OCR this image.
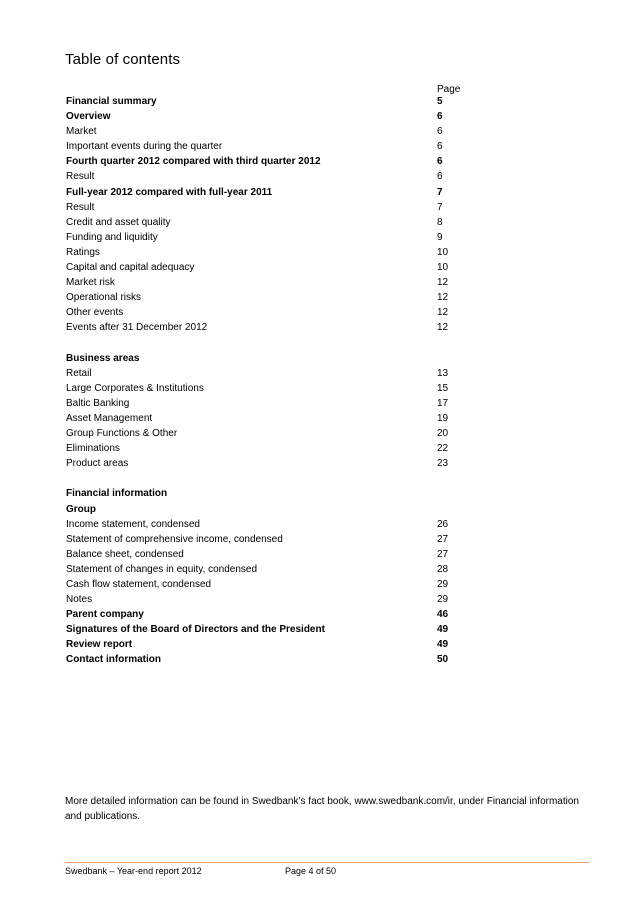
Table of contents
Page
Financial summary	5
Overview	6
Market	6
Important events during the quarter	6
Fourth quarter 2012 compared with third quarter 2012	6
Result	6
Full-year 2012 compared with full-year 2011	7
Result	7
Credit and asset quality	8
Funding and liquidity	9
Ratings	10
Capital and capital adequacy	10
Market risk	12
Operational risks	12
Other events	12
Events after 31 December 2012	12
Business areas
Retail	13
Large Corporates & Institutions	15
Baltic Banking	17
Asset Management	19
Group Functions & Other	20
Eliminations	22
Product areas	23
Financial information
Group
Income statement, condensed	26
Statement of comprehensive income, condensed	27
Balance sheet, condensed	27
Statement of changes in equity, condensed	28
Cash flow statement, condensed	29
Notes	29
Parent company	46
Signatures of the Board of Directors and the President	49
Review report	49
Contact information	50
More detailed information can be found in Swedbank’s fact book, www.swedbank.com/ir, under Financial information and publications.
Swedbank – Year-end report 2012	Page 4 of 50
